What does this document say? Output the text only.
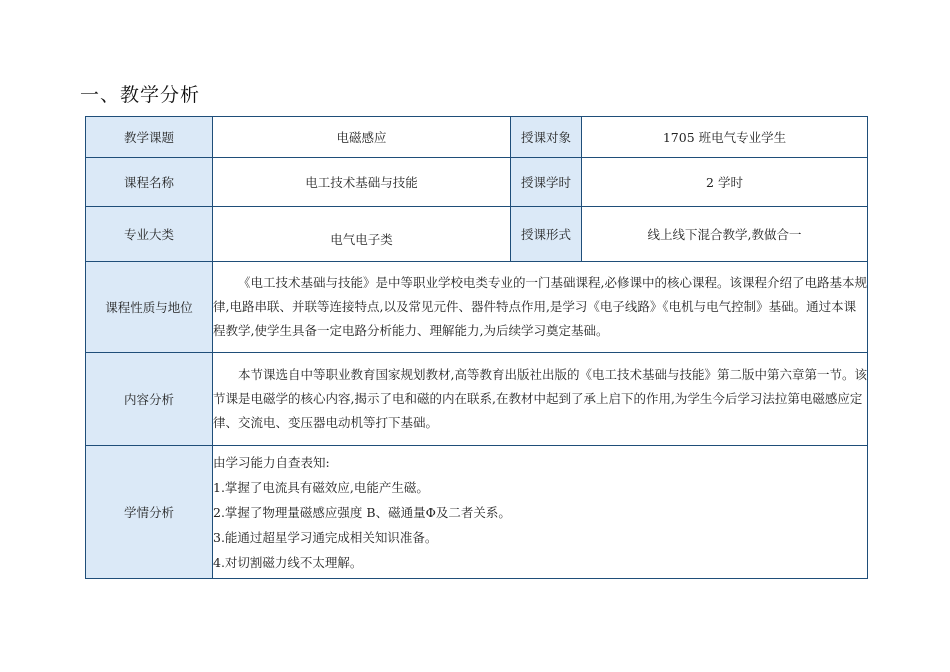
一、教学分析
教学课题	电磁感应	授课对象	1705 班电气专业学生
课程名称	电工技术基础与技能	授课学时	2 学时
专业大类	电气电子类	授课形式	线上线下混合教学,教做合一
课程性质与地位	《电工技术基础与技能》是中等职业学校电类专业的一门基础课程,必修课中的核心课程。该课程介绍了电路基本规律,电路串联、并联等连接特点,以及常见元件、器件特点作用,是学习《电子线路》《电机与电气控制》基础。通过本课程教学,使学生具备一定电路分析能力、理解能力,为后续学习奠定基础。		

内容分析	本节课选自中等职业教育国家规划教材,高等教育出版社出版的《电工技术基础与技能》第二版中第六章第一节。该节课是电磁学的核心内容,揭示了电和磁的内在联系,在教材中起到了承上启下的作用,为学生今后学习法拉第电磁感应定律、交流电、变压器电动机等打下基础。		

学情分析	由学习能力自查表知:
1.掌握了电流具有磁效应,电能产生磁。
2.掌握了物理量磁感应强度 B、磁通量Φ及二者关系。
3.能通过超星学习通完成相关知识准备。
4.对切割磁力线不太理解。		
